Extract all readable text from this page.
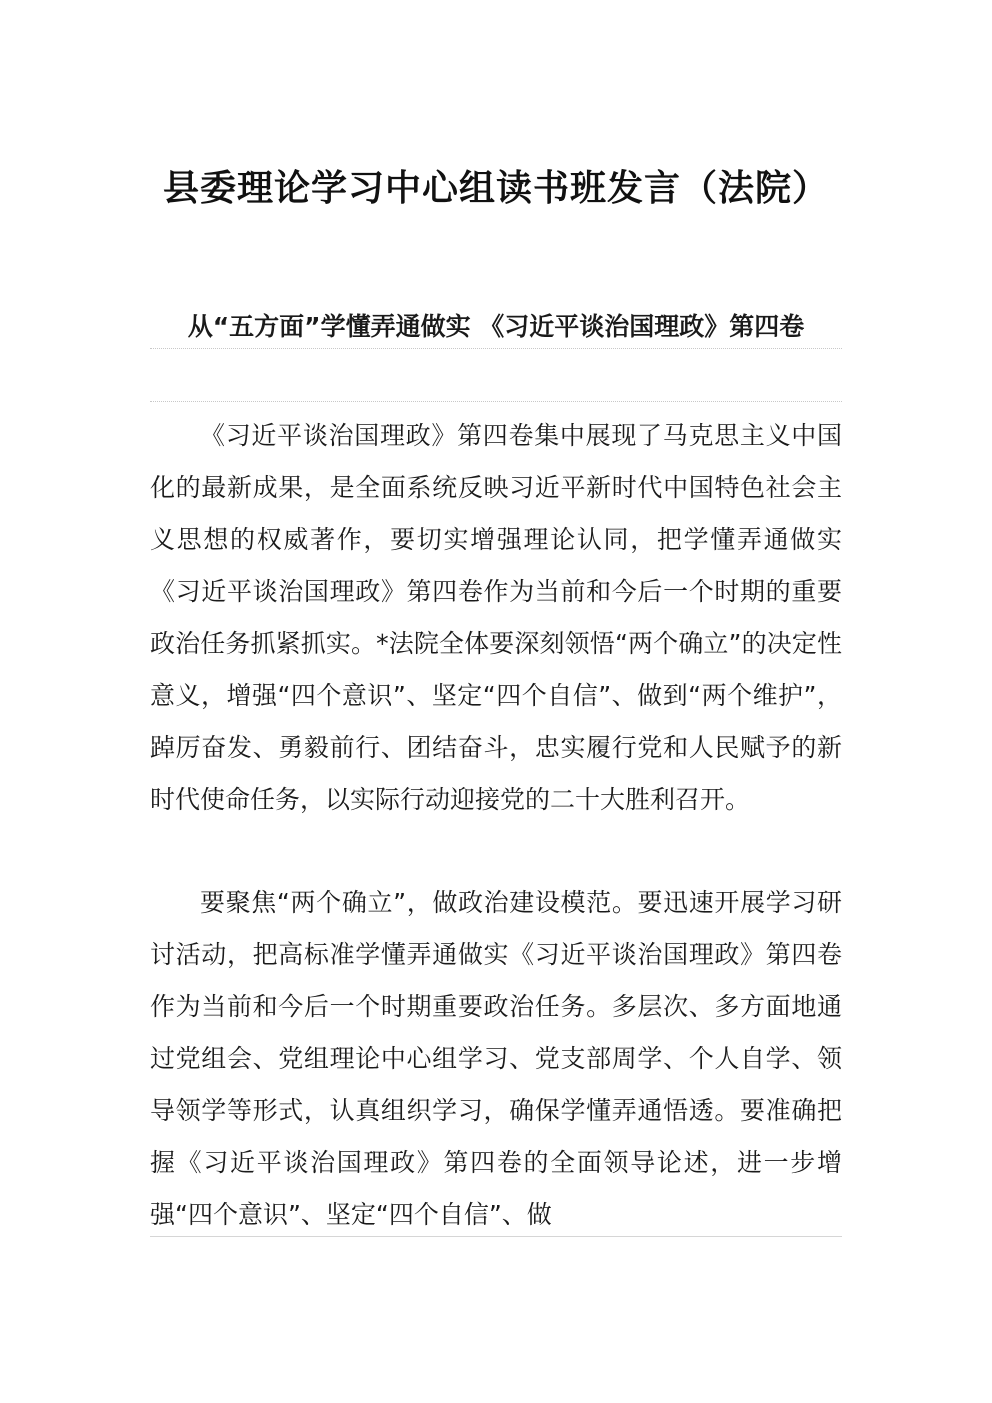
县委理论学习中心组读书班发言（法院）
从“五方面”学懂弄通做实 《习近平谈治国理政》第四卷

《习近平谈治国理政》第四卷集中展现了马克思主义中国化的最新成果，是全面系统反映习近平新时代中国特色社会主义思想的权威著作，要切实增强理论认同，把学懂弄通做实《习近平谈治国理政》第四卷作为当前和今后一个时期的重要政治任务抓紧抓实。*法院全体要深刻领悟“两个确立”的决定性意义，增强“四个意识”、坚定“四个自信”、做到“两个维护”，踔厉奋发、勇毅前行、团结奋斗，忠实履行党和人民赋予的新时代使命任务，以实际行动迎接党的二十大胜利召开。

要聚焦“两个确立”，做政治建设模范。要迅速开展学习研讨活动，把高标准学懂弄通做实《习近平谈治国理政》第四卷作为当前和今后一个时期重要政治任务。多层次、多方面地通过党组会、党组理论中心组学习、党支部周学、个人自学、领导领学等形式，认真组织学习，确保学懂弄通悟透。要准确把握《习近平谈治国理政》第四卷的全面领导论述，进一步增强“四个意识”、坚定“四个自信”、做
